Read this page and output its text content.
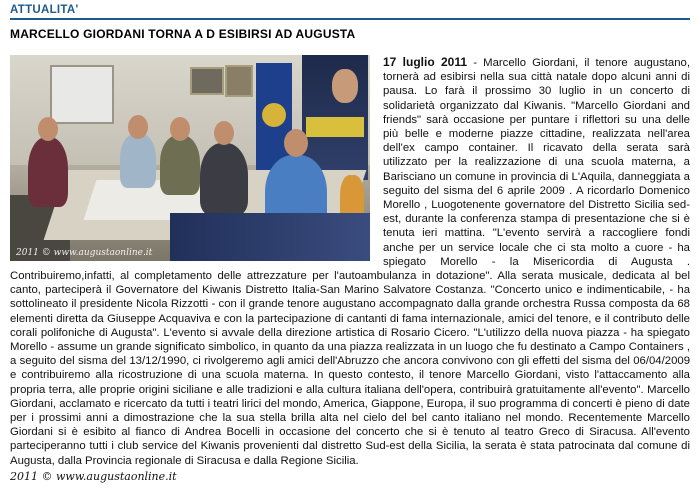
ATTUALITA'
MARCELLO GIORDANI TORNA A D ESIBIRSI AD AUGUSTA
2011 © www.augustaonline.it
17 luglio 2011 - Marcello Giordani, il tenore augustano, tornerà ad esibirsi nella sua città natale dopo alcuni anni di pausa. Lo farà il prossimo 30 luglio in un concerto di solidarietà organizzato dal Kiwanis. "Marcello Giordani and friends" sarà occasione per puntare i riflettori su una delle più belle e moderne piazze cittadine, realizzata nell'area dell'ex campo container. Il ricavato della serata sarà utilizzato per la realizzazione di una scuola materna, a Barisciano un comune in provincia di L'Aquila, danneggiata a seguito del sisma del 6 aprile 2009 . A ricordarlo Domenico Morello , Luogotenente governatore del Distretto Sicilia sed-est, durante la conferenza stampa di presentazione che si è tenuta ieri mattina. "L'evento servirà a raccogliere fondi anche per un service locale che ci sta molto a cuore - ha spiegato Morello - la Misericordia di Augusta . Contribuiremo,infatti, al completamento delle attrezzature per l'autoambulanza in dotazione". Alla serata musicale, dedicata al bel canto, parteciperà il Governatore del Kiwanis Distretto Italia-San Marino Salvatore Costanza. "Concerto unico e indimenticabile, - ha sottolineato il presidente Nicola Rizzotti - con il grande tenore augustano accompagnato dalla grande orchestra Russa composta da 68 elementi diretta da Giuseppe Acquaviva e con la partecipazione di cantanti di fama internazionale, amici del tenore, e il contributo delle corali polifoniche di Augusta". L'evento si avvale della direzione artistica di Rosario Cicero. "L'utilizzo della nuova piazza - ha spiegato Morello - assume un grande significato simbolico, in quanto da una piazza realizzata in un luogo che fu destinato a Campo Containers , a seguito del sisma del 13/12/1990, ci rivolgeremo agli amici dell'Abruzzo che ancora convivono con gli effetti del sisma del 06/04/2009 e contribuiremo alla ricostruzione di una scuola materna. In questo contesto, il tenore Marcello Giordani, visto l'attaccamento alla propria terra, alle proprie origini siciliane e alle tradizioni e alla cultura italiana dell'opera, contribuirà gratuitamente all'evento". Marcello Giordani, acclamato e ricercato da tutti i teatri lirici del mondo, America, Giappone, Europa, il suo programma di concerti è pieno di date per i prossimi anni a dimostrazione che la sua stella brilla alta nel cielo del bel canto italiano nel mondo. Recentemente Marcello Giordani si è esibito al fianco di Andrea Bocelli in occasione del concerto che si è tenuto al teatro Greco di Siracusa. All'evento parteciperanno tutti i club service del Kiwanis provenienti dal distretto Sud-est della Sicilia, la serata è stata patrocinata dal comune di Augusta, dalla Provincia regionale di Siracusa e dalla Regione Sicilia.
2011 © www.augustaonline.it
